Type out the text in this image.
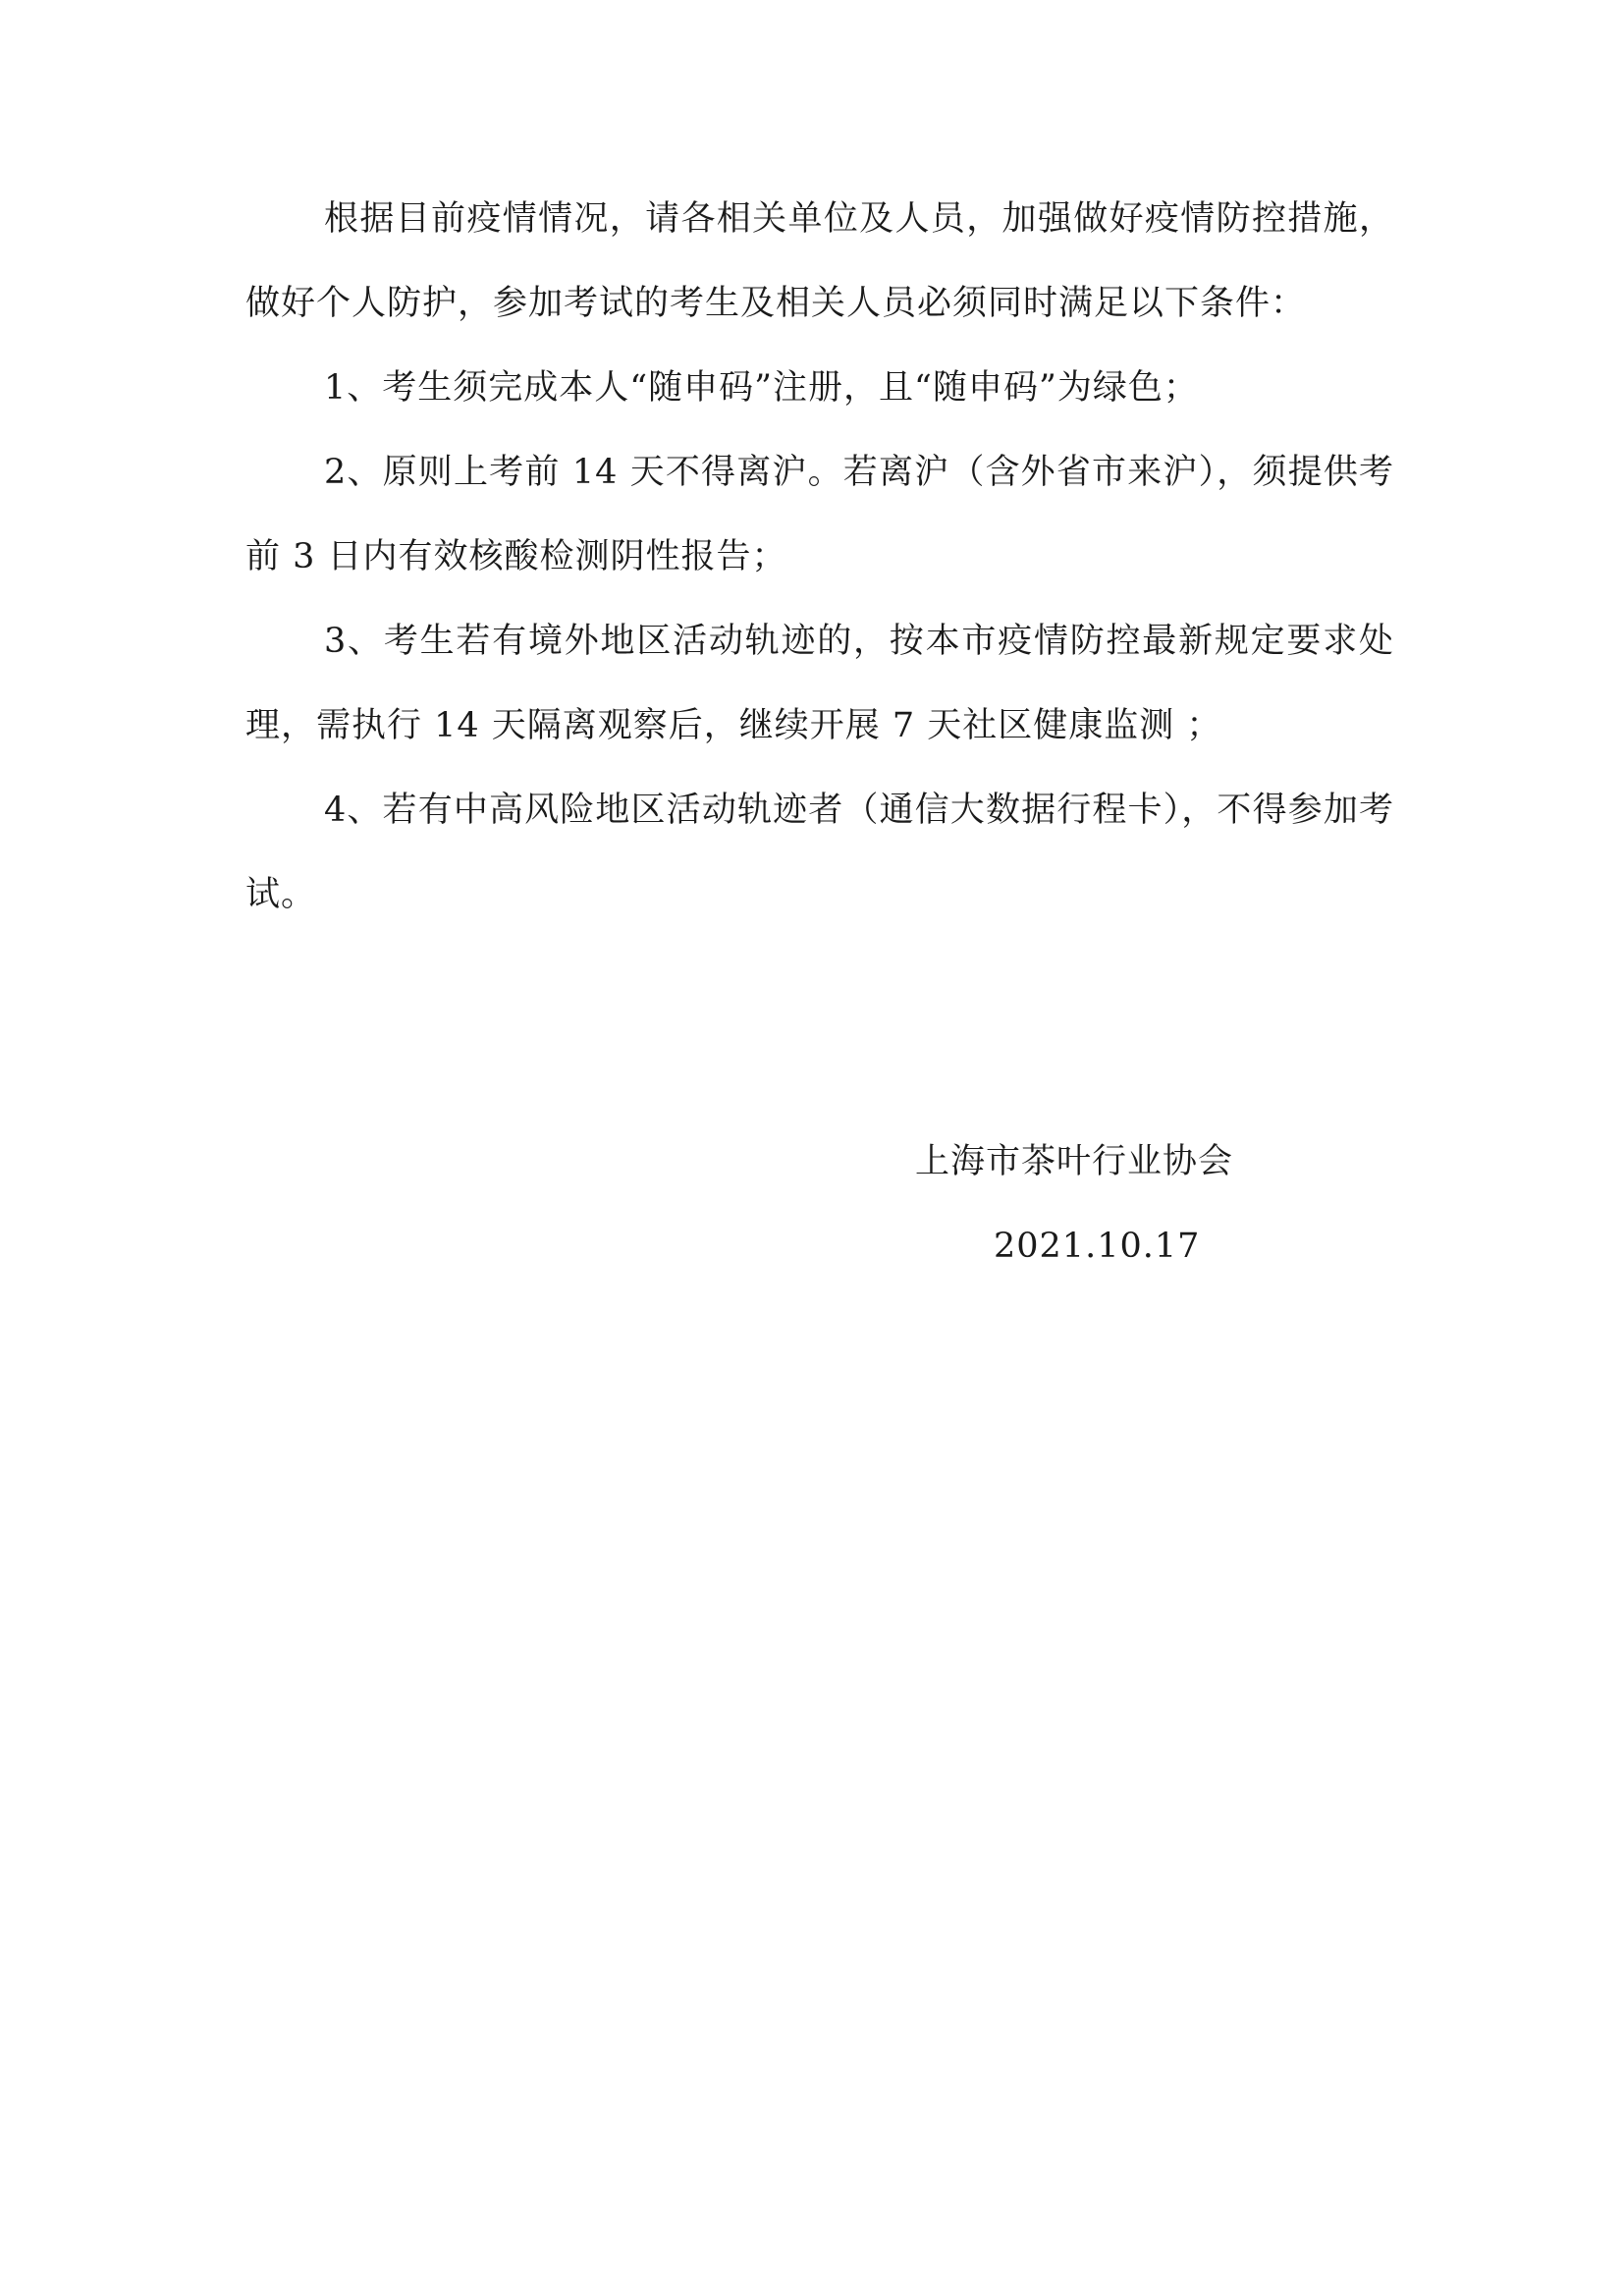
根据目前疫情情况，请各相关单位及人员，加强做好疫情防控措施，做好个人防护，参加考试的考生及相关人员必须同时满足以下条件：

1、考生须完成本人“随申码”注册，且“随申码”为绿色；

2、原则上考前 14 天不得离沪。若离沪（含外省市来沪），须提供考前 3 日内有效核酸检测阴性报告；

3、考生若有境外地区活动轨迹的，按本市疫情防控最新规定要求处理，需执行 14 天隔离观察后，继续开展 7 天社区健康监测 ；

4、若有中高风险地区活动轨迹者（通信大数据行程卡），不得参加考试。

上海市茶叶行业协会

2021.10.17
